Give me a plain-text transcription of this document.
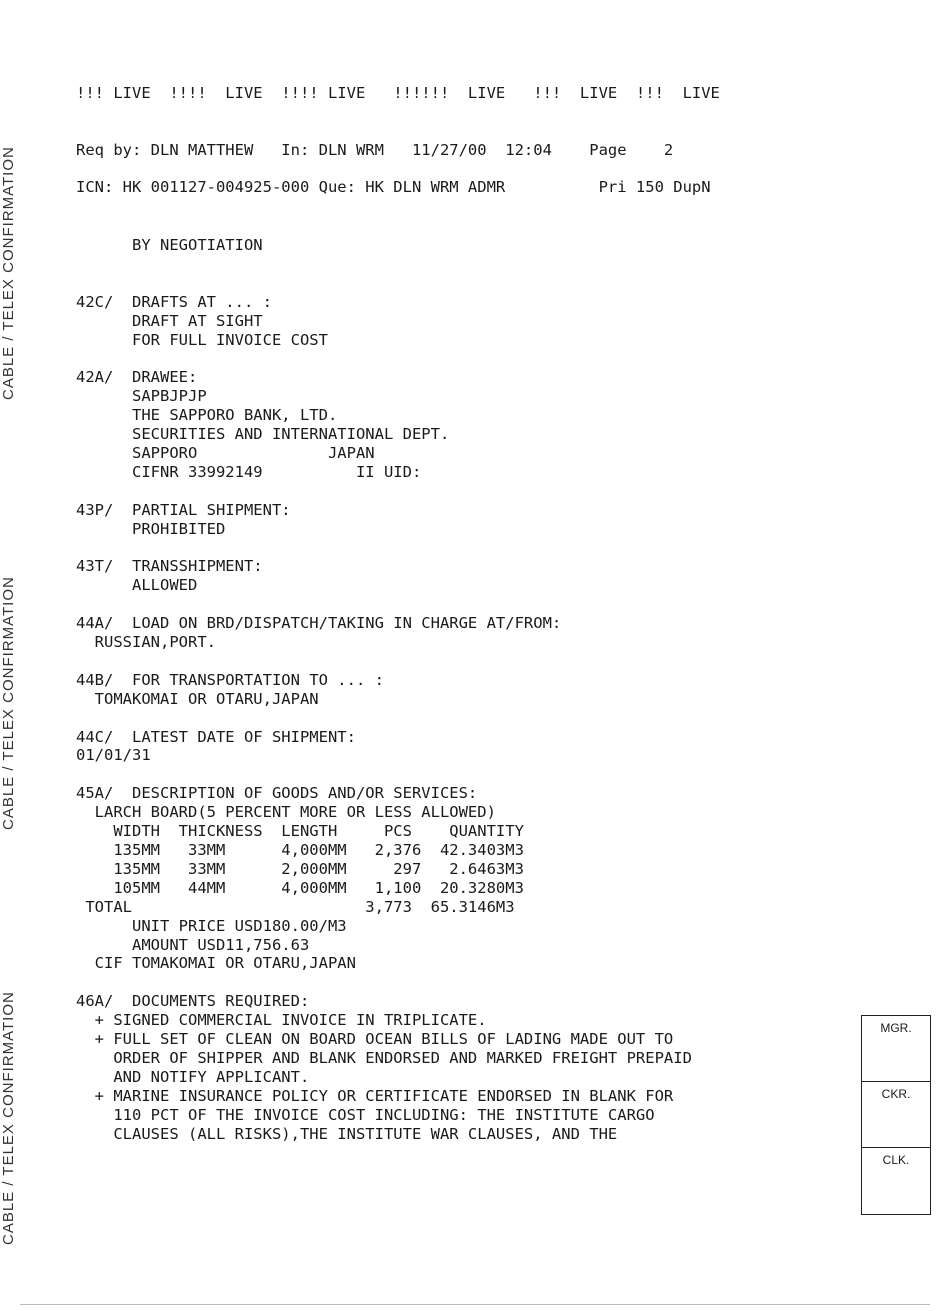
CABLE / TELEX CONFIRMATION
CABLE / TELEX CONFIRMATION
CABLE / TELEX CONFIRMATION
!!! LIVE  !!!!  LIVE  !!!! LIVE   !!!!!!  LIVE   !!!  LIVE  !!!  LIVE
Req by: DLN MATTHEW   In: DLN WRM   11/27/00  12:04    Page    2
ICN: HK 001127-004925-000 Que: HK DLN WRM ADMR          Pri 150 DupN
BY NEGOTIATION

42C/  DRAFTS AT ... :
DRAFT AT SIGHT
FOR FULL INVOICE COST

42A/  DRAWEE:
SAPBJPJP
THE SAPPORO BANK, LTD.
SECURITIES AND INTERNATIONAL DEPT.
SAPPORO              JAPAN
CIFNR 33992149          II UID:

43P/  PARTIAL SHIPMENT:
PROHIBITED

43T/  TRANSSHIPMENT:
ALLOWED

44A/  LOAD ON BRD/DISPATCH/TAKING IN CHARGE AT/FROM:
RUSSIAN,PORT.

44B/  FOR TRANSPORTATION TO ... :
TOMAKOMAI OR OTARU,JAPAN

44C/  LATEST DATE OF SHIPMENT:
01/01/31

45A/  DESCRIPTION OF GOODS AND/OR SERVICES:
LARCH BOARD(5 PERCENT MORE OR LESS ALLOWED)
WIDTH  THICKNESS  LENGTH     PCS    QUANTITY
135MM   33MM      4,000MM   2,376  42.3403M3
135MM   33MM      2,000MM     297   2.6463M3
105MM   44MM      4,000MM   1,100  20.3280M3
TOTAL                         3,773  65.3146M3
UNIT PRICE USD180.00/M3
AMOUNT USD11,756.63
CIF TOMAKOMAI OR OTARU,JAPAN

46A/  DOCUMENTS REQUIRED:
+ SIGNED COMMERCIAL INVOICE IN TRIPLICATE.
+ FULL SET OF CLEAN ON BOARD OCEAN BILLS OF LADING MADE OUT TO
ORDER OF SHIPPER AND BLANK ENDORSED AND MARKED FREIGHT PREPAID
AND NOTIFY APPLICANT.
+ MARINE INSURANCE POLICY OR CERTIFICATE ENDORSED IN BLANK FOR
110 PCT OF THE INVOICE COST INCLUDING: THE INSTITUTE CARGO
CLAUSES (ALL RISKS),THE INSTITUTE WAR CLAUSES, AND THE
MGR.
CKR.
CLK.
